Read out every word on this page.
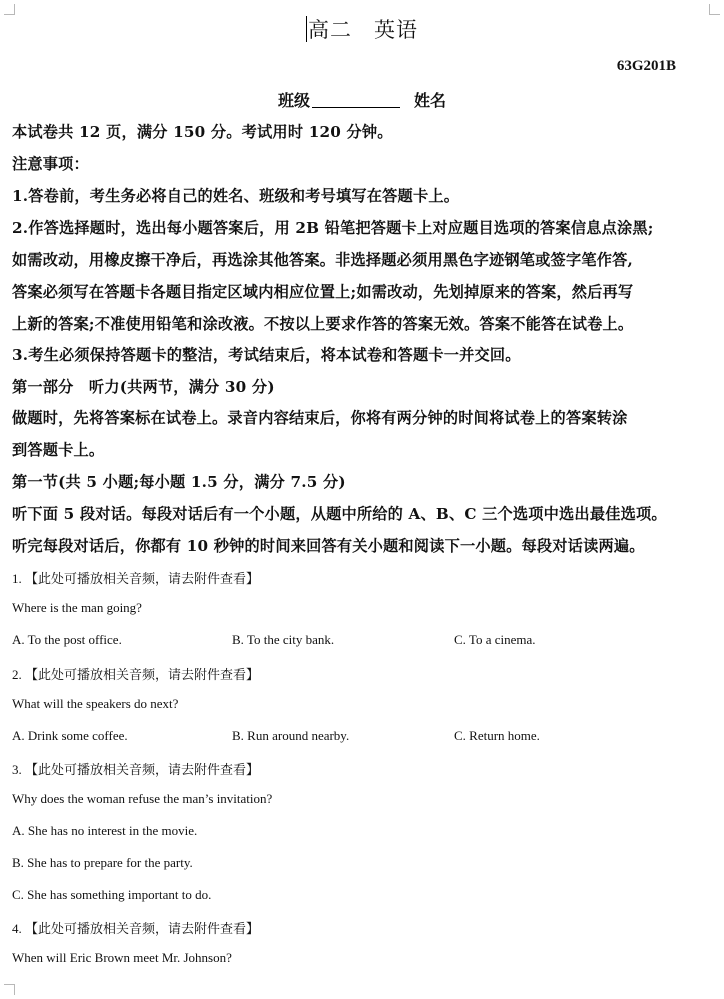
高二 英语
63G201B
班级	姓名
本试卷共 12 页，满分 150 分。考试用时 120 分钟。
注意事项：
1.答卷前，考生务必将自己的姓名、班级和考号填写在答题卡上。
2.作答选择题时，选出每小题答案后，用 2B 铅笔把答题卡上对应题目选项的答案信息点涂黑;
如需改动，用橡皮擦干净后，再选涂其他答案。非选择题必须用黑色字迹钢笔或签字笔作答,
答案必须写在答题卡各题目指定区域内相应位置上;如需改动，先划掉原来的答案，然后再写
上新的答案;不准使用铅笔和涂改液。不按以上要求作答的答案无效。答案不能答在试卷上。
3.考生必须保持答题卡的整洁，考试结束后，将本试卷和答题卡一并交回。
第一部分　听力(共两节，满分 30 分)
做题时，先将答案标在试卷上。录音内容结束后，你将有两分钟的时间将试卷上的答案转涂
到答题卡上。
第一节(共 5 小题;每小题 1.5 分，满分 7.5 分)
听下面 5 段对话。每段对话后有一个小题，从题中所给的 A、B、C 三个选项中选出最佳选项。
听完每段对话后，你都有 10 秒钟的时间来回答有关小题和阅读下一小题。每段对话读两遍。
1. 【此处可播放相关音频，请去附件查看】
Where is the man going?
A. To the post office.	B. To the city bank.	C. To a cinema.
2. 【此处可播放相关音频，请去附件查看】
What will the speakers do next?
A. Drink some coffee.	B. Run around nearby.	C. Return home.
3. 【此处可播放相关音频，请去附件查看】
Why does the woman refuse the man’s invitation?
A. She has no interest in the movie.
B. She has to prepare for the party.
C. She has something important to do.
4. 【此处可播放相关音频，请去附件查看】
When will Eric Brown meet Mr. Johnson?
